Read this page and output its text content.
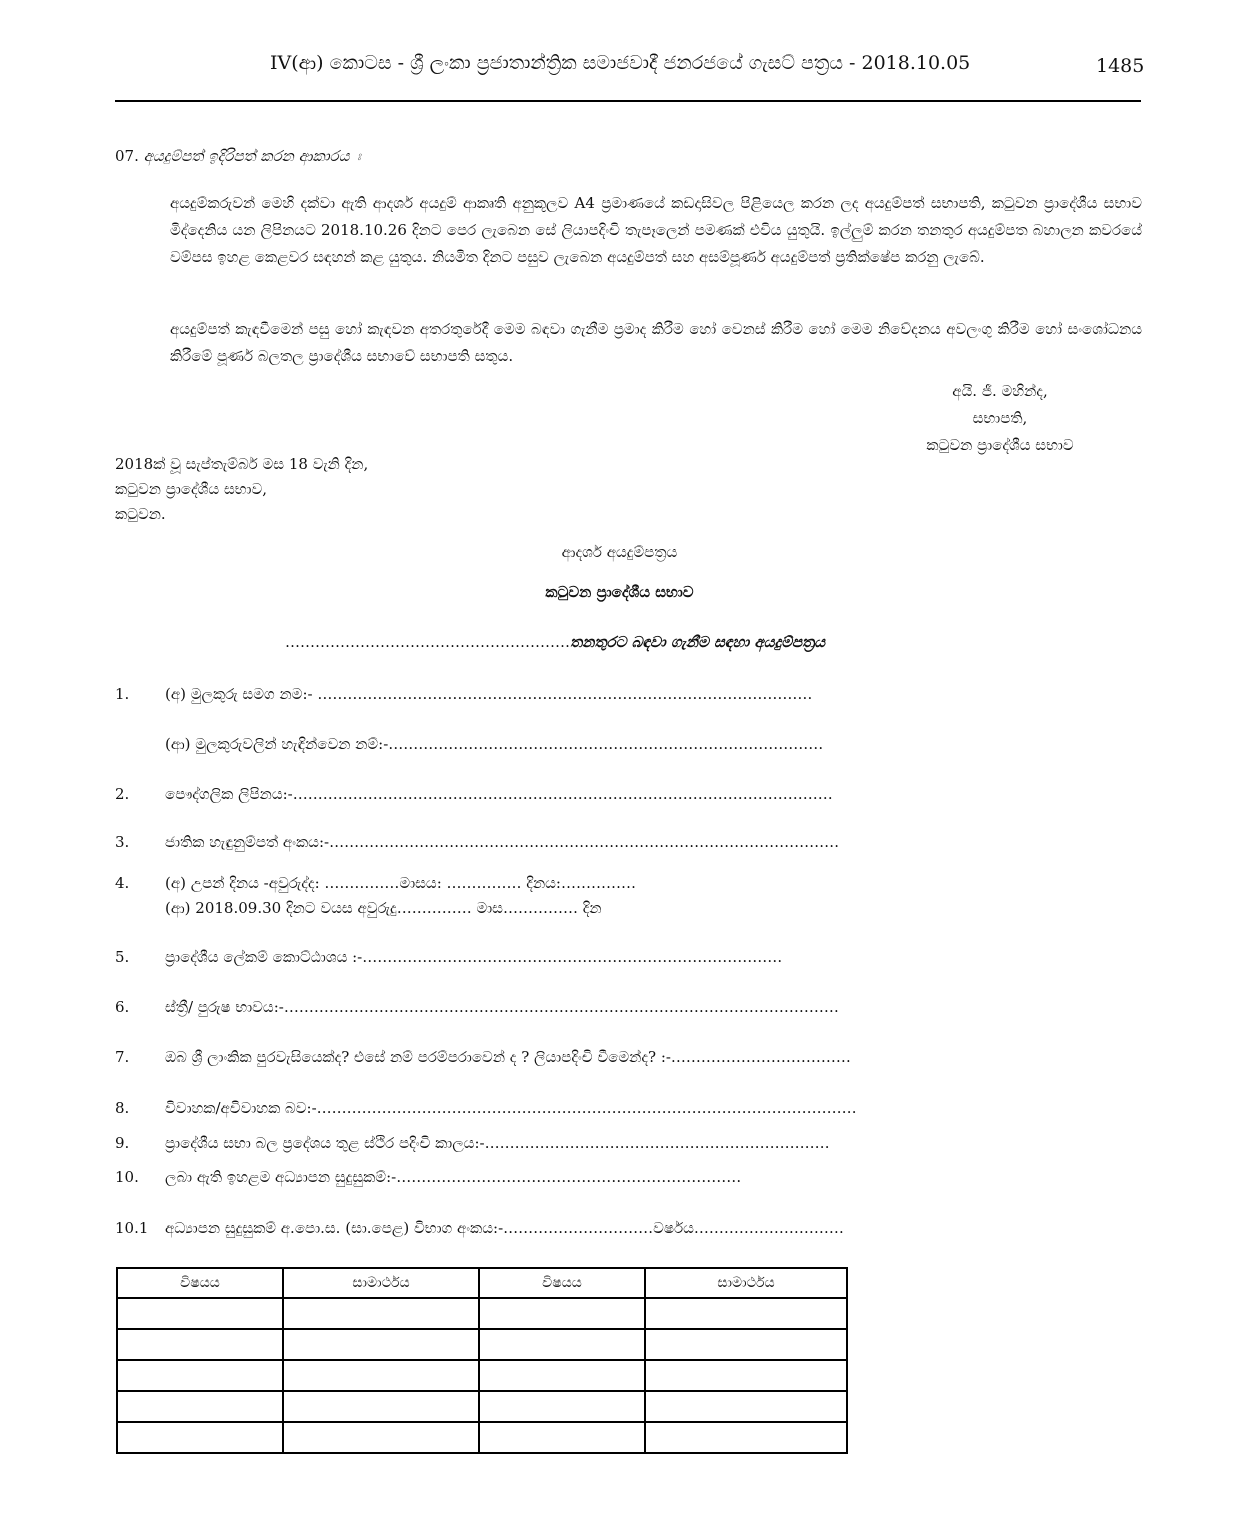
IV(ආ) කොටස - ශ්‍රී ලංකා ප්‍රජාතාන්ත්‍රික සමාජවාදී ජනරජයේ ගැසට් පත්‍රය - 2018.10.05	1485
07. අයදුම්පත් ඉදිරිපත් කරන ආකාරය ඃ
අයදුම්කරුවන් මෙහි දක්වා ඇති ආදර්ශ අයදුම් ආකෘති අනුකූලව A4 ප්‍රමාණයේ කඩදාසිවල පිළියෙල කරන ලද අයදුම්පත් සභාපති, කටුවන ප්‍රාදේශීය සභාව මිද්දෙනිය යන ලිපිනයට 2018.10.26 දිනට පෙර ලැබෙන සේ ලියාපදිංචි තැපෑලෙන් පමණක් එවිය යුතුයි. ඉල්ලුම් කරන තනතුර අයදුම්පත බහාලන කවරයේ වම්පස ඉහළ කෙළවර සඳහන් කළ යුතුය. නියමිත දිනට පසුව ලැබෙන අයදුම්පත් සහ අසම්පූර්ණ අයදුම්පත් ප්‍රතික්ෂේප කරනු ලැබේ.
අයදුම්පත් කැඳවීමෙන් පසු හෝ කැඳවන අතරතුරේදී මෙම බඳවා ගැනීම ප්‍රමාද කිරීම හෝ වෙනස් කිරීම හෝ මෙම නිවේදනය අවලංගු කිරීම හෝ සංශෝධනය කිරීමේ පූර්ණ බලතල ප්‍රාදේශීය සභාවේ සභාපති සතුය.
අයි. ජී. මහින්ද,
සභාපති,
කටුවන ප්‍රාදේශීය සභාව
2018ක් වූ සැප්තැම්බර් මස 18 වැනි දින,
කටුවන ප්‍රාදේශීය සභාව,
කටුවන.
ආදර්ශ අයදුම්පත්‍රය
කටුවන ප්‍රාදේශීය සභාව
…………………………………………………තනතුරට බඳවා ගැනීම සඳහා අයදුම්පත්‍රය
1. (අ) මුලකුරු සමග නම:- ………………………………………………………………………………………
(ආ) මුලකුරුවලින් හැඳින්වෙන නම්:-……………………………………………………………………………
2. පෞද්ගලික ලිපිනය:-………………………………………………………………………………………………
3. ජාතික හැඳුනුම්පත් අංකය:-…………………………………………………………………………………………
4. (අ) උපන් දිනය -අවුරුද්ද: ……………මාසය: …………… දිනය:……………
(ආ) 2018.09.30 දිනට වයස අවුරුදු…………… මාස…………… දින
5. ප්‍රාදේශීය ලේකම් කොට්ඨාශය :-…………………………………………………………………………
6. ස්ත්‍රී/ පුරුෂ භාවය:-…………………………………………………………………………………………………
7. ඔබ ශ්‍රී ලාංකික පුරවැසියෙක්ද? එසේ නම් පරම්පරාවෙන් ද ? ලියාපදිංචි වීමෙන්ද? :-………………………………
8. විවාහක/අවිවාහක බව:-………………………………………………………………………………………………
9. ප්‍රාදේශීය සභා බල ප්‍රදේශය තුළ ස්ථිර පදිංචි කාලය:-……………………………………………………………
10. ලබා ඇති ඉහළම අධ්‍යාපන සුදුසුකම්:-……………………………………………………………
10.1 අධ්‍යාපන සුදුසුකම් අ.පො.ස. (සා.පෙළ) විභාග අංකය:-…………………………වර්ෂය…………………………
විෂයය	සාමාර්ථය	විෂයය	සාමාර්ථය
